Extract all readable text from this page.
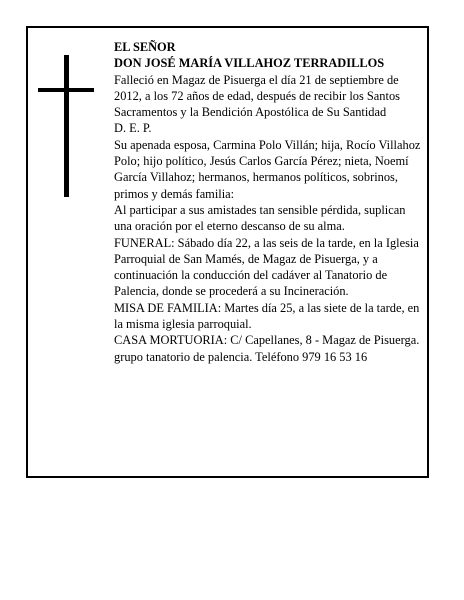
EL SEÑOR

DON JOSÉ MARÍA VILLAHOZ TERRADILLOS

Falleció en Magaz de Pisuerga el día 21 de septiembre de 2012, a los 72 años de edad, después de recibir los Santos Sacramentos y la Bendición Apostólica de Su Santidad

D. E. P.

Su apenada esposa, Carmina Polo Villán; hija, Rocío Villahoz Polo; hijo político, Jesús Carlos García Pérez; nieta, Noemí García Villahoz; hermanos, hermanos políticos, sobrinos, primos y demás familia:

Al participar a sus amistades tan sensible pérdida, suplican una oración por el eterno descanso de su alma.

FUNERAL: Sábado día 22, a las seis de la tarde, en la Iglesia Parroquial de San Mamés, de Magaz de Pisuerga, y a continuación la conducción del cadáver al Tanatorio de Palencia, donde se procederá a su Incineración.

MISA DE FAMILIA: Martes día 25, a las siete de la tarde, en la misma iglesia parroquial.

CASA MORTUORIA: C/ Capellanes, 8 - Magaz de Pisuerga.

grupo tanatorio de palencia. Teléfono 979 16 53 16
